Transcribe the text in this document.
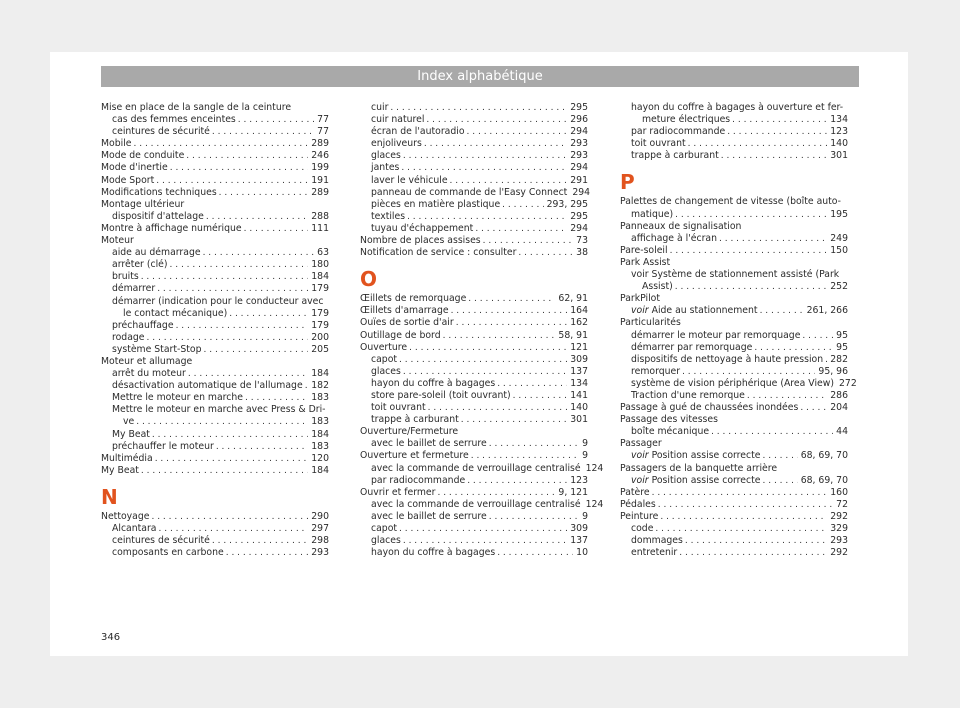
Index alphabétique
Mise en place de la sangle de la ceinture
cas des femmes enceintes . . .	77
ceintures de sécurité . . .	77
Mobile . . .	289
Mode de conduite . . .	246
Mode d'inertie . . .	199
Mode Sport . . .	191
Modifications techniques . . .	289
Montage ultérieur
dispositif d'attelage . . .	288
Montre à affichage numérique . . .	111
Moteur
aide au démarrage . . .	63
arrêter (clé) . . .	180
bruits . . .	184
démarrer . . .	179
démarrer (indication pour le conducteur avec
le contact mécanique) . . .	179
préchauffage . . .	179
rodage . . .	200
système Start-Stop . . .	205
Moteur et allumage
arrêt du moteur . . .	184
désactivation automatique de l'allumage . . . 182
Mettre le moteur en marche . . .	183
Mettre le moteur en marche avec Press & Dri-
ve . . .	183
My Beat . . .	184
préchauffer le moteur . . .	183
Multimédia . . .	120
My Beat . . .	184
N
Nettoyage . . .	290
Alcantara . . .	297
ceintures de sécurité . . .	298
composants en carbone . . .	293
cuir . . .	295
cuir naturel . . .	296
écran de l'autoradio . . .	294
enjoliveurs . . .	293
glaces . . .	293
jantes . . .	294
laver le véhicule . . .	291
panneau de commande de l'Easy Connect 294
pièces en matière plastique . . .	293, 295
textiles . . .	295
tuyau d'échappement . . .	294
Nombre de places assises . . .	73
Notification de service : consulter . . .	38
O
Œillets de remorquage . . .	62, 91
Œillets d'amarrage . . .	164
Ouïes de sortie d'air . . .	162
Outillage de bord . . .	58, 91
Ouverture . . .	121
capot . . .	309
glaces . . .	137
hayon du coffre à bagages . . .	134
store pare-soleil (toit ouvrant) . . .	141
toit ouvrant . . .	140
trappe à carburant . . .	301
Ouverture/Fermeture
avec le baillet de serrure . . .	9
Ouverture et fermeture . . .	9
avec la commande de verrouillage centralisé 124
par radiocommande . . .	123
Ouvrir et fermer . . .	9, 121
avec la commande de verrouillage centralisé 124
avec le baillet de serrure . . .	9
capot . . .	309
glaces . . .	137
hayon du coffre à bagages . . .	10
hayon du coffre à bagages à ouverture et fer-
meture électriques . . .	134
par radiocommande . . .	123
toit ouvrant . . .	140
trappe à carburant . . .	301
P
Palettes de changement de vitesse (boîte auto-
matique) . . .	195
Panneaux de signalisation
affichage à l'écran . . .	249
Pare-soleil . . .	150
Park Assist
voir Système de stationnement assisté (Park
Assist) . . .	252
ParkPilot
voir Aide au stationnement . . .	261, 266
Particularités
démarrer le moteur par remorquage . . .	95
démarrer par remorquage . . .	95
dispositifs de nettoyage à haute pression . . . 282
remorquer . . .	95, 96
système de vision périphérique (Area View) 272
Traction d'une remorque . . .	286
Passage à gué de chaussées inondées . . .	204
Passage des vitesses
boîte mécanique . . .	44
Passager
voir Position assise correcte . . .	68, 69, 70
Passagers de la banquette arrière
voir Position assise correcte . . .	68, 69, 70
Patère . . .	160
Pédales . . .	72
Peinture . . .	292
code . . .	329
dommages . . .	293
entretenir . . .	292
346
